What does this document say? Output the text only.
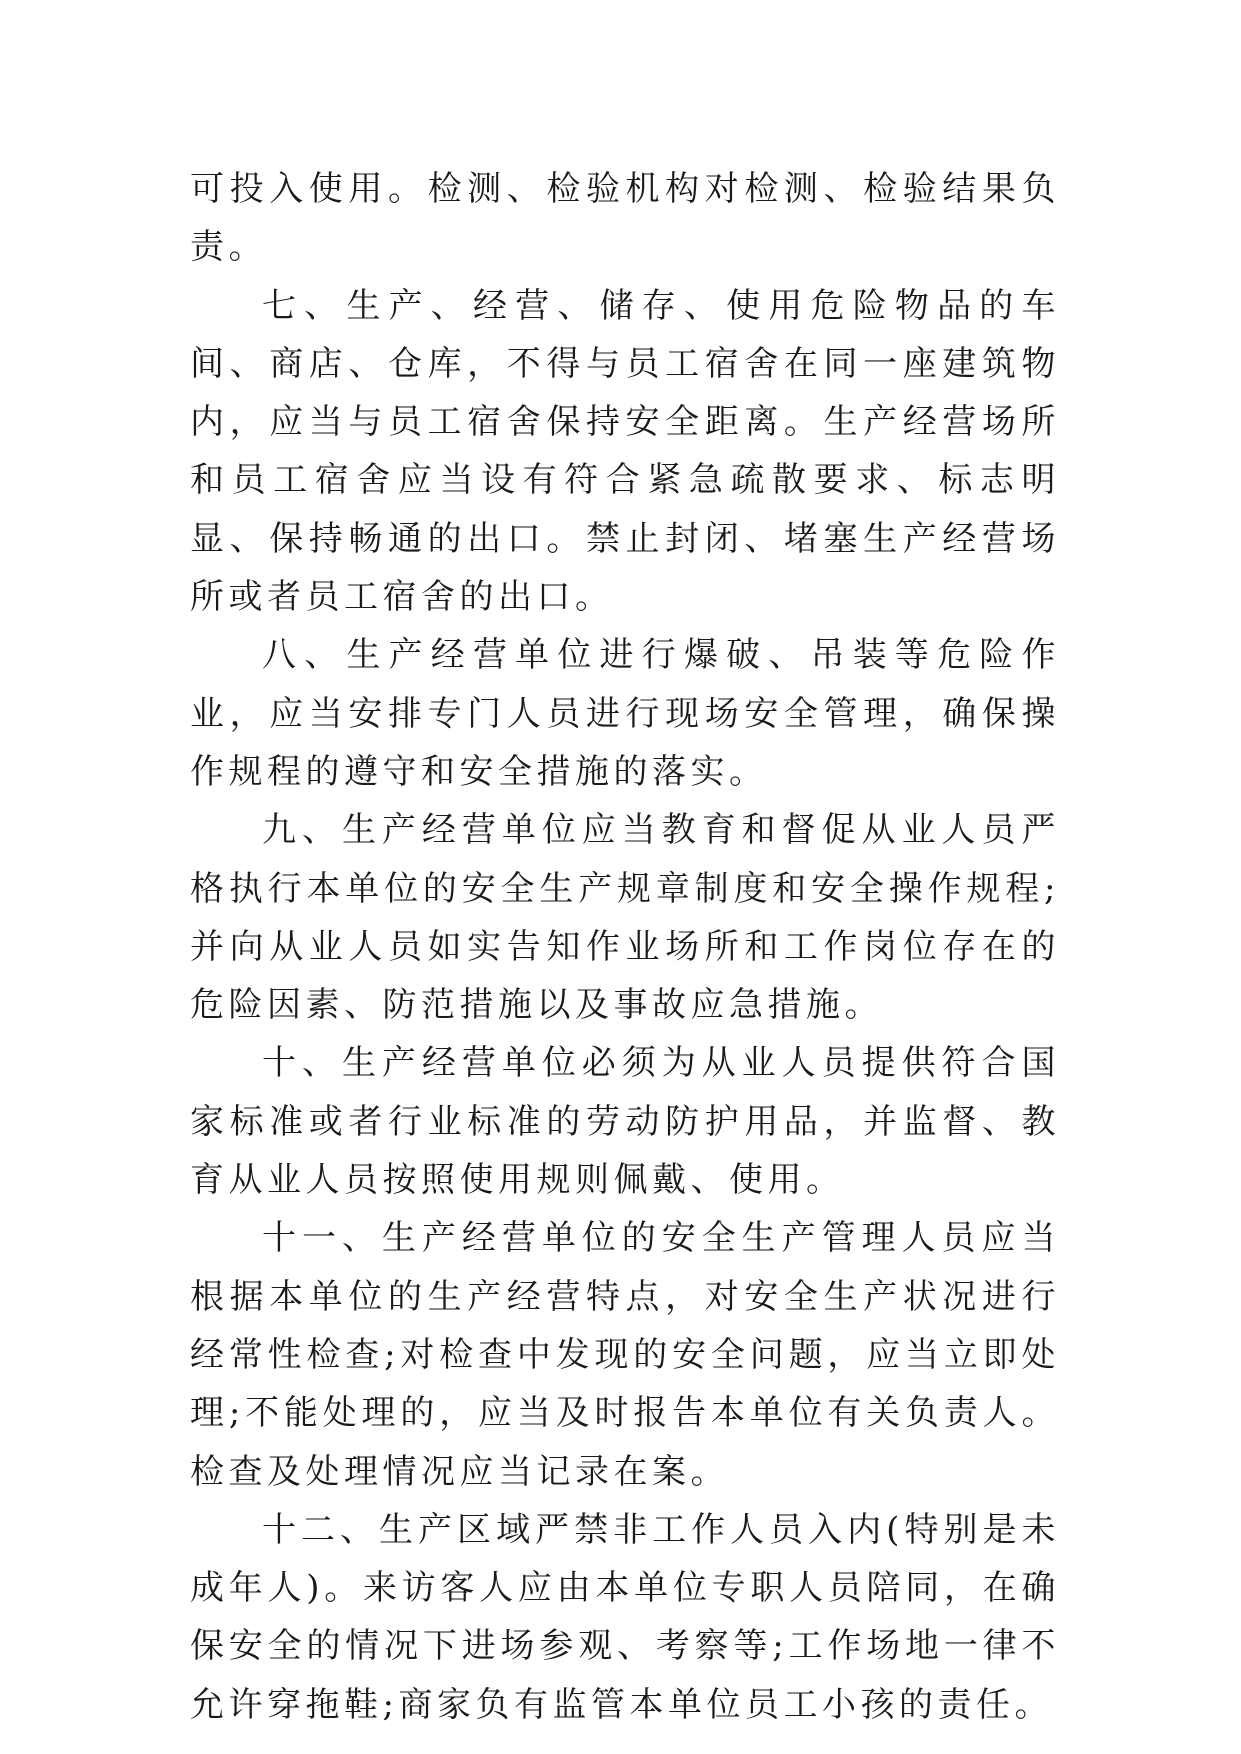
可投入使用。检测、检验机构对检测、检验结果负责。

七、生产、经营、储存、使用危险物品的车间、商店、仓库，不得与员工宿舍在同一座建筑物内，应当与员工宿舍保持安全距离。生产经营场所和员工宿舍应当设有符合紧急疏散要求、标志明显、保持畅通的出口。禁止封闭、堵塞生产经营场所或者员工宿舍的出口。

八、生产经营单位进行爆破、吊装等危险作业，应当安排专门人员进行现场安全管理，确保操作规程的遵守和安全措施的落实。

九、生产经营单位应当教育和督促从业人员严格执行本单位的安全生产规章制度和安全操作规程;并向从业人员如实告知作业场所和工作岗位存在的危险因素、防范措施以及事故应急措施。

十、生产经营单位必须为从业人员提供符合国家标准或者行业标准的劳动防护用品，并监督、教育从业人员按照使用规则佩戴、使用。

十一、生产经营单位的安全生产管理人员应当根据本单位的生产经营特点，对安全生产状况进行经常性检查;对检查中发现的安全问题，应当立即处理;不能处理的，应当及时报告本单位有关负责人。检查及处理情况应当记录在案。

十二、生产区域严禁非工作人员入内(特别是未成年人)。来访客人应由本单位专职人员陪同，在确保安全的情况下进场参观、考察等;工作场地一律不允许穿拖鞋;商家负有监管本单位员工小孩的责任。
